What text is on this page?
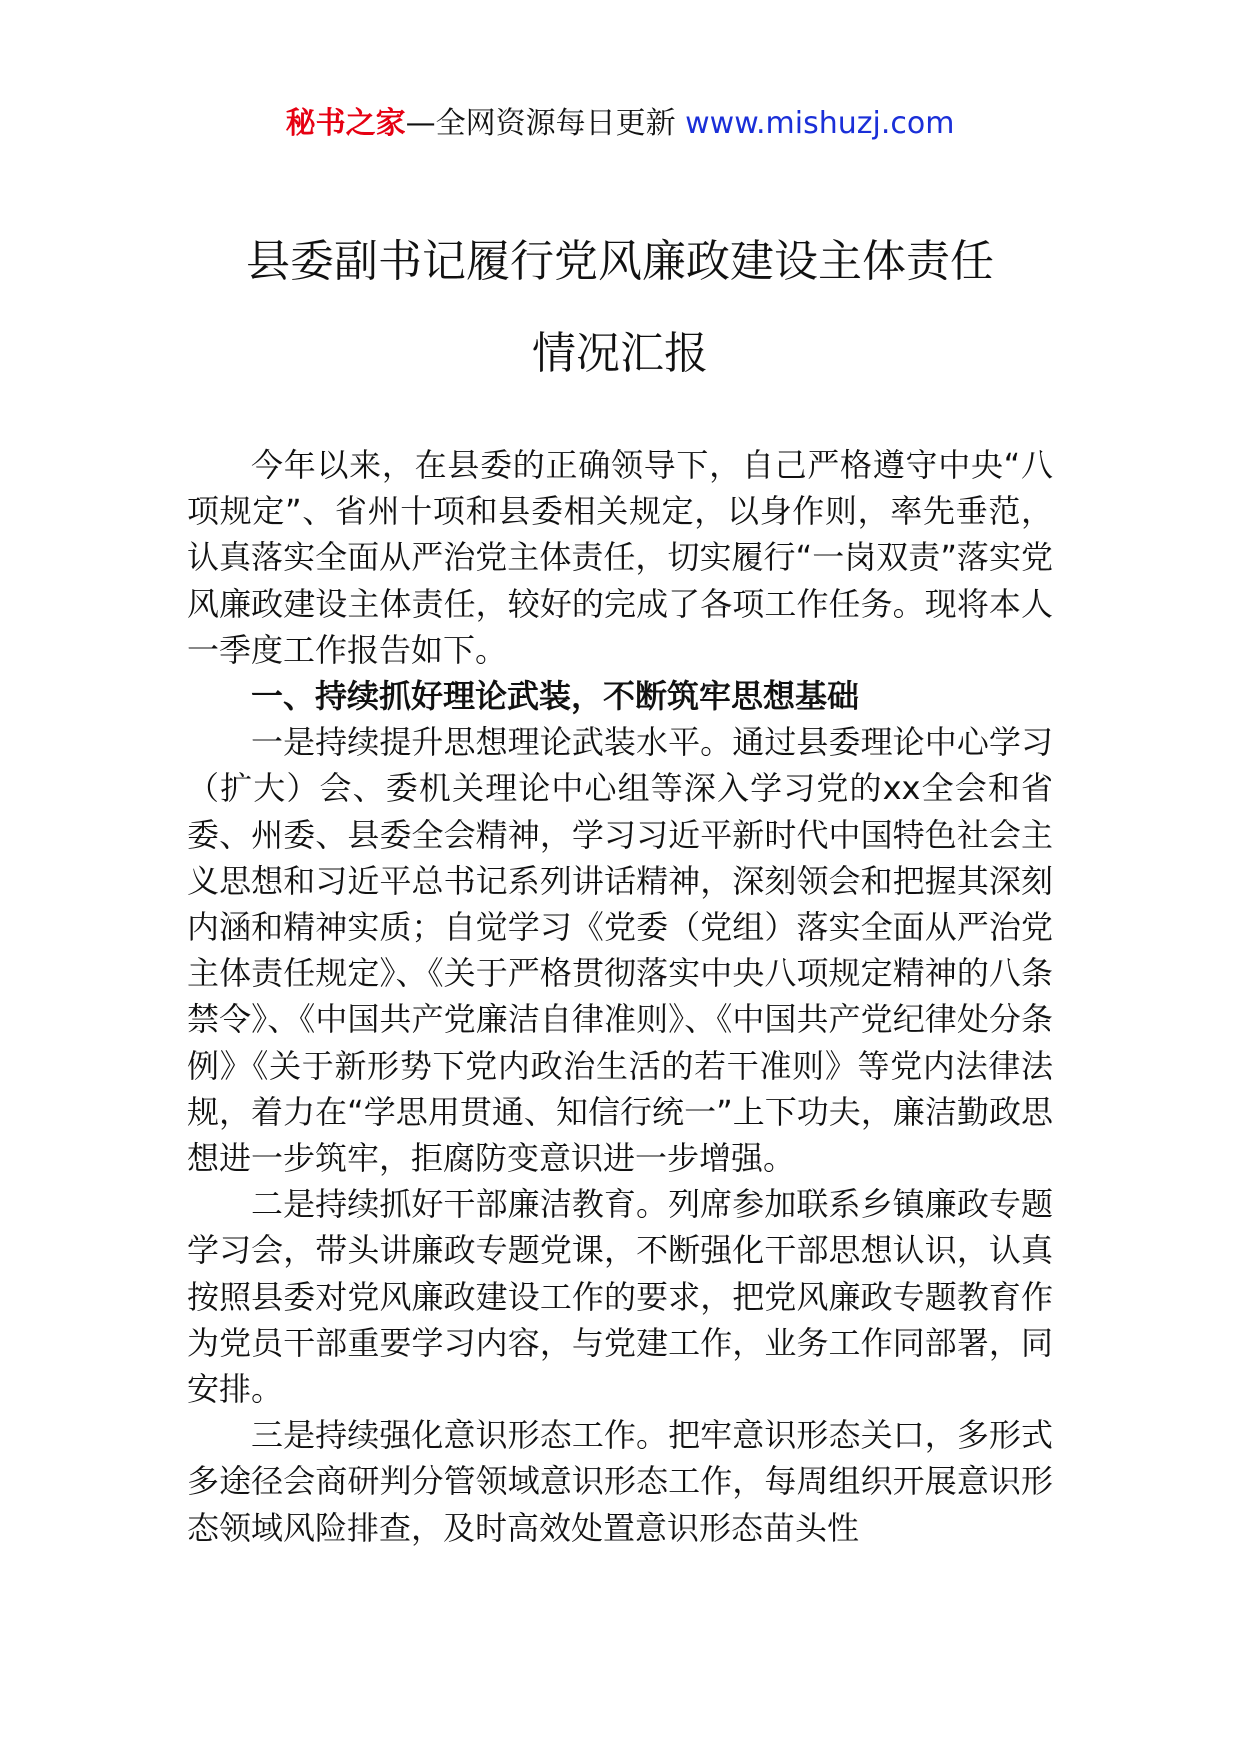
秘书之家—全网资源每日更新 www.mishuzj.com
县委副书记履行党风廉政建设主体责任
情况汇报

今年以来，在县委的正确领导下，自己严格遵守中央“八项规定”、省州十项和县委相关规定，以身作则，率先垂范，认真落实全面从严治党主体责任，切实履行“一岗双责”落实党风廉政建设主体责任，较好的完成了各项工作任务。现将本人一季度工作报告如下。

一、持续抓好理论武装，不断筑牢思想基础

一是持续提升思想理论武装水平。通过县委理论中心学习（扩大）会、委机关理论中心组等深入学习党的xx全会和省委、州委、县委全会精神，学习习近平新时代中国特色社会主义思想和习近平总书记系列讲话精神，深刻领会和把握其深刻内涵和精神实质；自觉学习《党委（党组）落实全面从严治党主体责任规定》、《关于严格贯彻落实中央八项规定精神的八条禁令》、《中国共产党廉洁自律准则》、《中国共产党纪律处分条例》《关于新形势下党内政治生活的若干准则》等党内法律法规，着力在“学思用贯通、知信行统一”上下功夫，廉洁勤政思想进一步筑牢，拒腐防变意识进一步增强。

二是持续抓好干部廉洁教育。列席参加联系乡镇廉政专题学习会，带头讲廉政专题党课，不断强化干部思想认识，认真按照县委对党风廉政建设工作的要求，把党风廉政专题教育作为党员干部重要学习内容，与党建工作，业务工作同部署，同安排。

三是持续强化意识形态工作。把牢意识形态关口，多形式多途径会商研判分管领域意识形态工作，每周组织开展意识形态领域风险排查，及时高效处置意识形态苗头性
